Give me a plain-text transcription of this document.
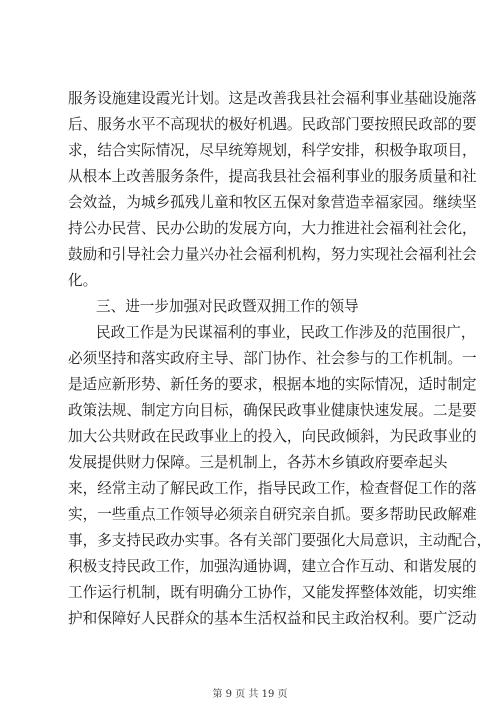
服务设施建设霞光计划。这是改善我县社会福利事业基础设施落
后、服务水平不高现状的极好机遇。民政部门要按照民政部的要
求，结合实际情况，尽早统筹规划，科学安排，积极争取项目，
从根本上改善服务条件，提高我县社会福利事业的服务质量和社
会效益，为城乡孤残儿童和牧区五保对象营造幸福家园。继续坚
持公办民营、民办公助的发展方向，大力推进社会福利社会化，
鼓励和引导社会力量兴办社会福利机构，努力实现社会福利社会
化。
三、进一步加强对民政暨双拥工作的领导
民政工作是为民谋福利的事业，民政工作涉及的范围很广，
必须坚持和落实政府主导、部门协作、社会参与的工作机制。一
是适应新形势、新任务的要求，根据本地的实际情况，适时制定
政策法规、制定方向目标，确保民政事业健康快速发展。二是要
加大公共财政在民政事业上的投入，向民政倾斜，为民政事业的
发展提供财力保障。三是机制上，各苏木乡镇政府要牵起头
来，经常主动了解民政工作，指导民政工作，检查督促工作的落
实，一些重点工作领导必须亲自研究亲自抓。要多帮助民政解难
事，多支持民政办实事。各有关部门要强化大局意识，主动配合，
积极支持民政工作，加强沟通协调，建立合作互动、和谐发展的
工作运行机制，既有明确分工协作，又能发挥整体效能，切实维
护和保障好人民群众的基本生活权益和民主政治权利。要广泛动
第 9 页 共 19 页
